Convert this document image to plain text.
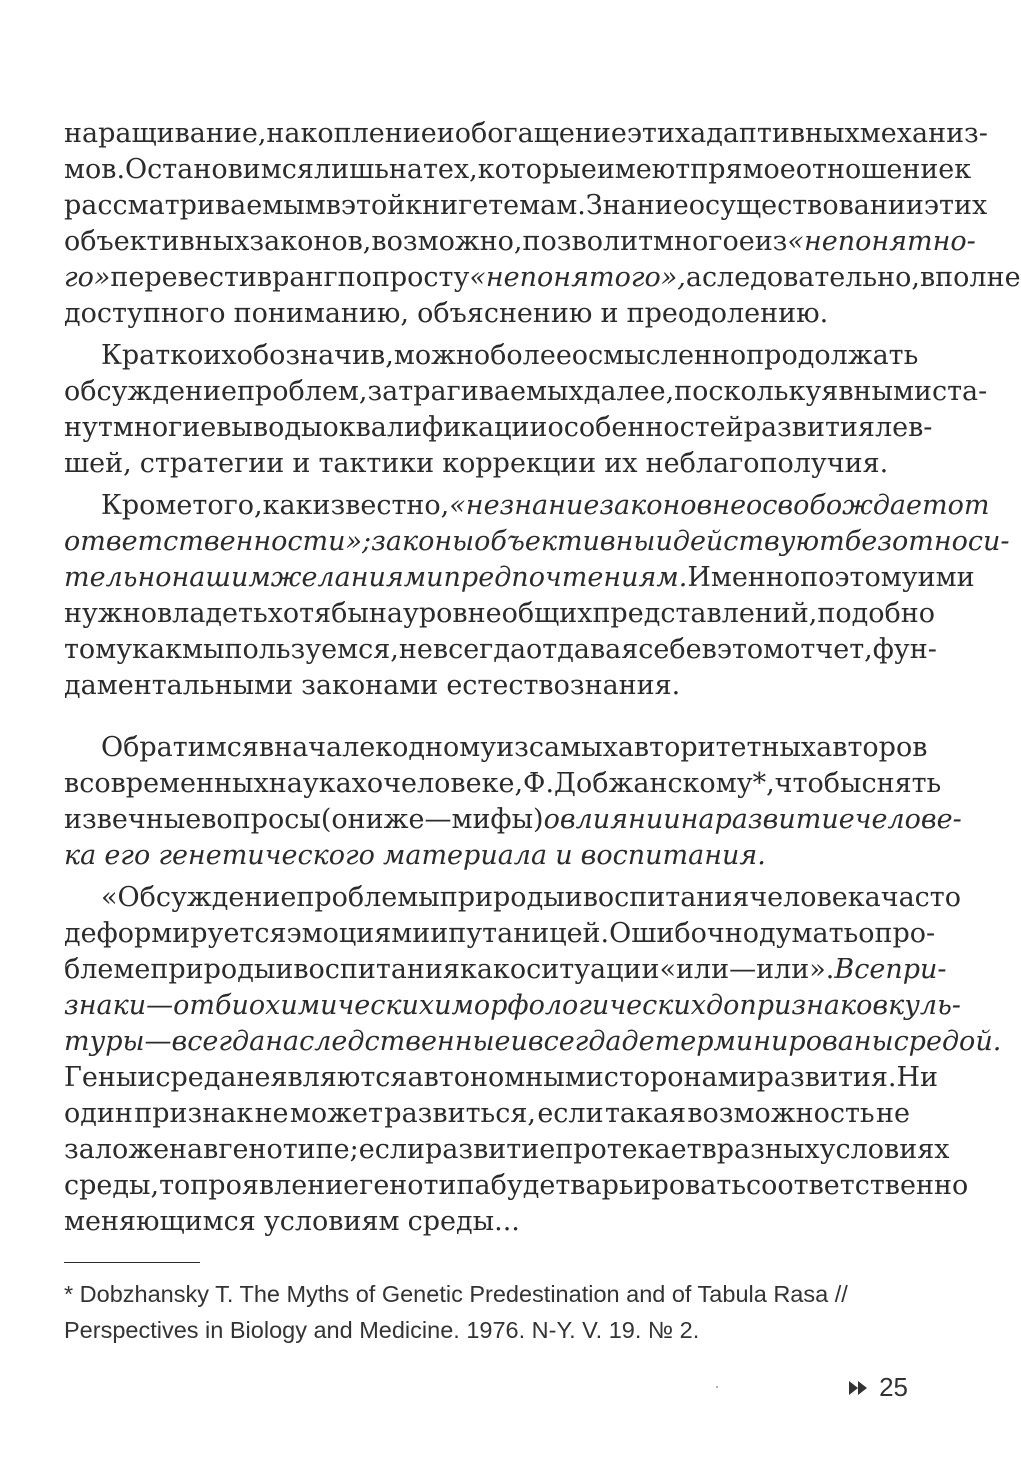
наращивание, накопление и обогащение этих адаптивных механиз-
мов. Остановимся лишь на тех, которые имеют прямое отношение к
рассматриваемым в этой книге темам. Знание о существовании этих
объективных законов, возможно, позволит многое из «непонятно-
го» перевести в ранг попросту «непонятого», а следовательно, вполне
доступного пониманию, объяснению и преодолению.
Кратко их обозначив, можно более осмысленно продолжать
обсуждение проблем, затрагиваемых далее, поскольку явными ста-
нут многие выводы о квалификации особенностей развития лев-
шей, стратегии и тактики коррекции их неблагополучия.
Кроме того, как известно, «незнание законов не освобождает от
ответственности»; законы объективны и действуют безотноси-
тельно нашим желаниям и предпочтениям. Именно поэтому ими
нужно владеть хотя бы на уровне общих представлений, подобно
тому как мы пользуемся, не всегда отдавая себе в этом отчет, фун-
даментальными законами естествознания.
Обратимся вначале к одному из самых авторитетных авторов
в современных науках о человеке, Ф. Добжанскому*, чтобы снять
извечные вопросы (они же — мифы) о влиянии на развитие челове-
ка его генетического материала и воспитания.
«Обсуждение проблемы природы и воспитания человека часто
деформируется эмоциями и путаницей. Ошибочно думать о про-
блеме природы и воспитания как о ситуации «или—или». Все при-
знаки — от биохимических и морфологических до признаков куль-
туры — всегда наследственные и всегда детерминированы средой.
Гены и среда не являются автономными сторонами развития. Ни
один признак не может развиться, если такая возможность не
заложена в генотипе; если развитие протекает в разных условиях
среды, то проявление генотипа будет варьировать соответственно
меняющимся условиям среды...
* Dobzhansky T. The Myths of Genetic Predestination and of Tabula Rasa //
Perspectives in Biology and Medicine. 1976. N-Y. V. 19. № 2.
25
